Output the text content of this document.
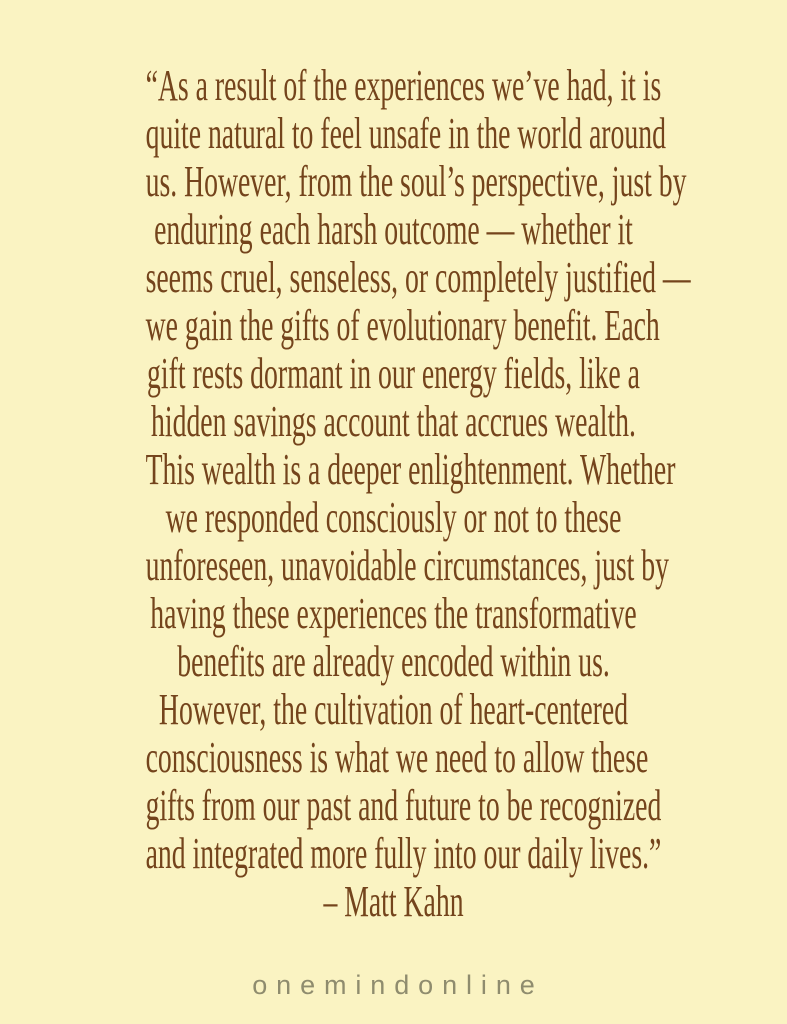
“As a result of the experiences we’ve had, it is
quite natural to feel unsafe in the world around
us. However, from the soul’s perspective, just by
enduring each harsh outcome — whether it
seems cruel, senseless, or completely justified —
we gain the gifts of evolutionary benefit. Each
gift rests dormant in our energy fields, like a
hidden savings account that accrues wealth.
This wealth is a deeper enlightenment. Whether
we responded consciously or not to these
unforeseen, unavoidable circumstances, just by
having these experiences the transformative
benefits are already encoded within us.
However, the cultivation of heart-centered
consciousness is what we need to allow these
gifts from our past and future to be recognized
and integrated more fully into our daily lives.”
– Matt Kahn
onemindonline
